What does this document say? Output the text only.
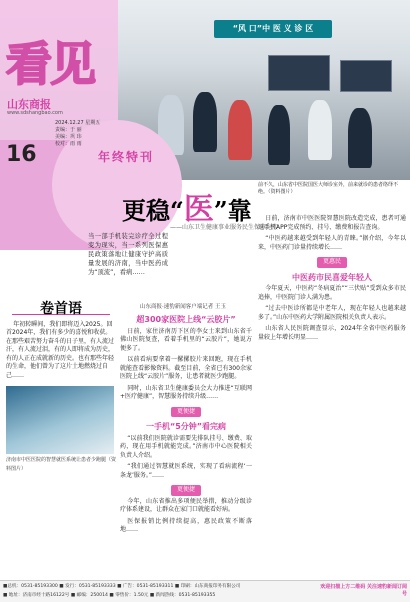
“风 口”中 医 义 诊 区
看见
山东商报
www.sdshangbao.com
2024.12.27 星期五
责编：于 丽
美编：巩 玮
校对：雨 雨
16	年终特刊
前不久，山东省中医院国医大师诊室外，前来就诊的患者络绎不绝。（资料图片）
更稳“医”靠
——山东卫生健康事业服务民生保障纪实
当一部手机装完诊疗全过程变为现实，当一系列医保惠民政策落地让健康守护高质量发展的济南，当中医药成为“顶流”，看病……
山东商报·速豹新闻客户端记者 王玉
卷首语

年初转瞬间，我们即将迈入2025。回首2024年，我们有多少的喜悦和收获。在那些艰苦努力奋斗的日子里，有人流过汗，有人流过泪，有的人即将成为历史，有的人正在成就新的历史。也有那些年轻的生命，他们曾为了这片土地燃烧过自己……

济南市中医医院的智慧就医系统让患者少跑腿（资料图片）
超300家医院上线“云胶片”

日前，家住济南历下区的李女士来到山东省千佛山医院复查，看着手机里的“云胶片”，她说方便多了。

以前看病要拿着一摞摞胶片来回跑，现在手机就能查看影像资料。截至目前，全省已有300余家医院上线“云胶片”服务，让患者就医少跑腿。

同时，山东省卫生健康委员会大力推进“互联网+医疗健康”，智慧服务持续升级……

更便捷
一手机“5分钟”看完病

“以前我们医院就诊需要先排队挂号、缴费、取药，现在用手机就能完成。”济南市中心医院相关负责人介绍。

“我们通过智慧就医系统，实现了看病流程‘一条龙’服务。”……

更便捷

今年，山东省推出多项便民举措，推动分级诊疗体系建设，让群众在家门口就能看好病。

医保报销比例持续提高，惠民政策不断落地……

日前，济南市中医医院智慧医院改造完成，患者可通过手机APP完成预约、挂号、缴费和报告查询。

“中医药越来越受到年轻人的青睐。”据介绍，今年以来，中医药门诊量持续增长……

更惠民
中医药市民喜爱年轻人

今年夏天，中医药“冬病夏治”“三伏贴”受到众多市民追捧，中医院门诊人满为患。

“过去中医诊所都是中老年人，现在年轻人也越来越多了。”山东中医药大学附属医院相关负责人表示。

山东省人民医院调查显示，2024年全省中医药服务量较上年增长明显……

■总机：0531-85193300 ■ 发行：0531-85193333 ■ 广告：0531-85193311 ■ 印刷：山东商报印务有限公司
■ 地址：济南市经十路16122号 ■ 邮编：250014 ■ 零售价：1.50元 ■ 新闻热线：0531-85193355
欢迎扫描上方二维码 关注速豹新闻订阅号
